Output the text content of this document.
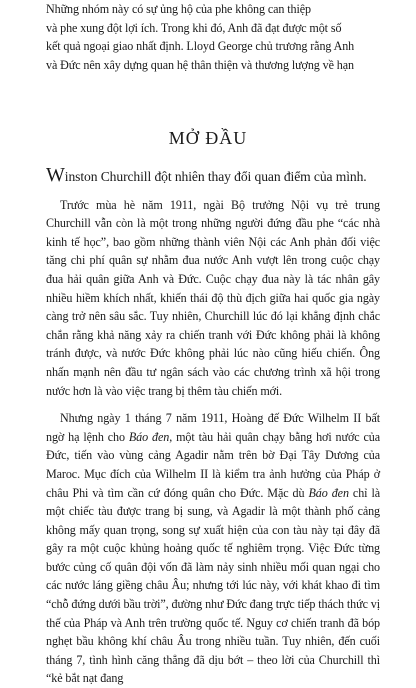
Những nhóm này có sự ủng hộ của phe không can thiệp
và phe xung đột lợi ích. Trong khi đó, Anh đã đạt được một số
kết quả ngoại giao nhất định. Lloyd George chủ trương rằng Anh
và Đức nên xây dựng quan hệ thân thiện và thương lượng về hạn
MỞ ĐẦU

Winston Churchill đột nhiên thay đổi quan điểm của mình.

Trước mùa hè năm 1911, ngài Bộ trưởng Nội vụ trẻ trung Churchill vẫn còn là một trong những người đứng đầu phe “các nhà kinh tế học”, bao gồm những thành viên Nội các Anh phản đối việc tăng chi phí quân sự nhằm đua nước Anh vượt lên trong cuộc chạy đua hải quân giữa Anh và Đức. Cuộc chạy đua này là tác nhân gây nhiều hiềm khích nhất, khiến thái độ thù địch giữa hai quốc gia ngày càng trở nên sâu sắc. Tuy nhiên, Churchill lúc đó lại khẳng định chắc chắn rằng khả năng xảy ra chiến tranh với Đức không phải là không tránh được, và nước Đức không phải lúc nào cũng hiếu chiến. Ông nhấn mạnh nên đầu tư ngân sách vào các chương trình xã hội trong nước hơn là vào việc trang bị thêm tàu chiến mới.

Nhưng ngày 1 tháng 7 năm 1911, Hoàng đế Đức Wilhelm II bất ngờ hạ lệnh cho Báo đen, một tàu hải quân chạy bằng hơi nước của Đức, tiến vào vùng cảng Agadir nằm trên bờ Đại Tây Dương của Maroc. Mục đích của Wilhelm II là kiểm tra ảnh hưởng của Pháp ở châu Phi và tìm cần cứ đóng quân cho Đức. Mặc dù Báo đen chỉ là một chiếc tàu được trang bị sung, và Agadir là một thành phố cảng không mấy quan trọng, song sự xuất hiện của con tàu này tại đây đã gây ra một cuộc khủng hoảng quốc tế nghiêm trọng. Việc Đức từng bước củng cố quân đội vốn đã làm nảy sinh nhiều mối quan ngại cho các nước láng giềng châu Âu; nhưng tới lúc này, với khát khao đi tìm “chỗ đứng dưới bầu trời”, đường như Đức đang trực tiếp thách thức vị thế của Pháp và Anh trên trường quốc tế. Nguy cơ chiến tranh đã bóp nghẹt bầu không khí châu Âu trong nhiều tuần. Tuy nhiên, đến cuối tháng 7, tình hình căng thẳng đã dịu bớt – theo lời của Churchill thì “kẻ bắt nạt đang
